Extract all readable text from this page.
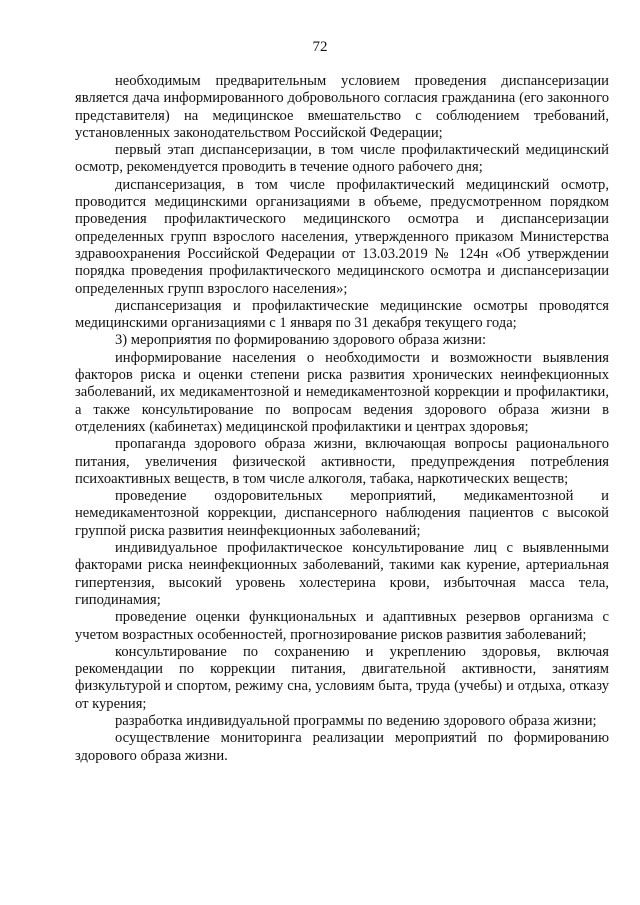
72

необходимым предварительным условием проведения диспансеризации является дача информированного добровольного согласия гражданина (его законного представителя) на медицинское вмешательство с соблюдением требований, установленных законодательством Российской Федерации;

первый этап диспансеризации, в том числе профилактический медицинский осмотр, рекомендуется проводить в течение одного рабочего дня;

диспансеризация, в том числе профилактический медицинский осмотр, проводится медицинскими организациями в объеме, предусмотренном порядком проведения профилактического медицинского осмотра и диспансеризации определенных групп взрослого населения, утвержденного приказом Министерства здравоохранения Российской Федерации от 13.03.2019 № 124н «Об утверждении порядка проведения профилактического медицинского осмотра и диспансеризации определенных групп взрослого населения»;

диспансеризация и профилактические медицинские осмотры проводятся медицинскими организациями с 1 января по 31 декабря текущего года;

3) мероприятия по формированию здорового образа жизни:

информирование населения о необходимости и возможности выявления факторов риска и оценки степени риска развития хронических неинфекционных заболеваний, их медикаментозной и немедикаментозной коррекции и профилактики, а также консультирование по вопросам ведения здорового образа жизни в отделениях (кабинетах) медицинской профилактики и центрах здоровья;

пропаганда здорового образа жизни, включающая вопросы рационального питания, увеличения физической активности, предупреждения потребления психоактивных веществ, в том числе алкоголя, табака, наркотических веществ;

проведение оздоровительных мероприятий, медикаментозной и немедикаментозной коррекции, диспансерного наблюдения пациентов с высокой группой риска развития неинфекционных заболеваний;

индивидуальное профилактическое консультирование лиц с выявленными факторами риска неинфекционных заболеваний, такими как курение, артериальная гипертензия, высокий уровень холестерина крови, избыточная масса тела, гиподинамия;

проведение оценки функциональных и адаптивных резервов организма с учетом возрастных особенностей, прогнозирование рисков развития заболеваний;

консультирование по сохранению и укреплению здоровья, включая рекомендации по коррекции питания, двигательной активности, занятиям физкультурой и спортом, режиму сна, условиям быта, труда (учебы) и отдыха, отказу от курения;

разработка индивидуальной программы по ведению здорового образа жизни;

осуществление мониторинга реализации мероприятий по формированию здорового образа жизни.
